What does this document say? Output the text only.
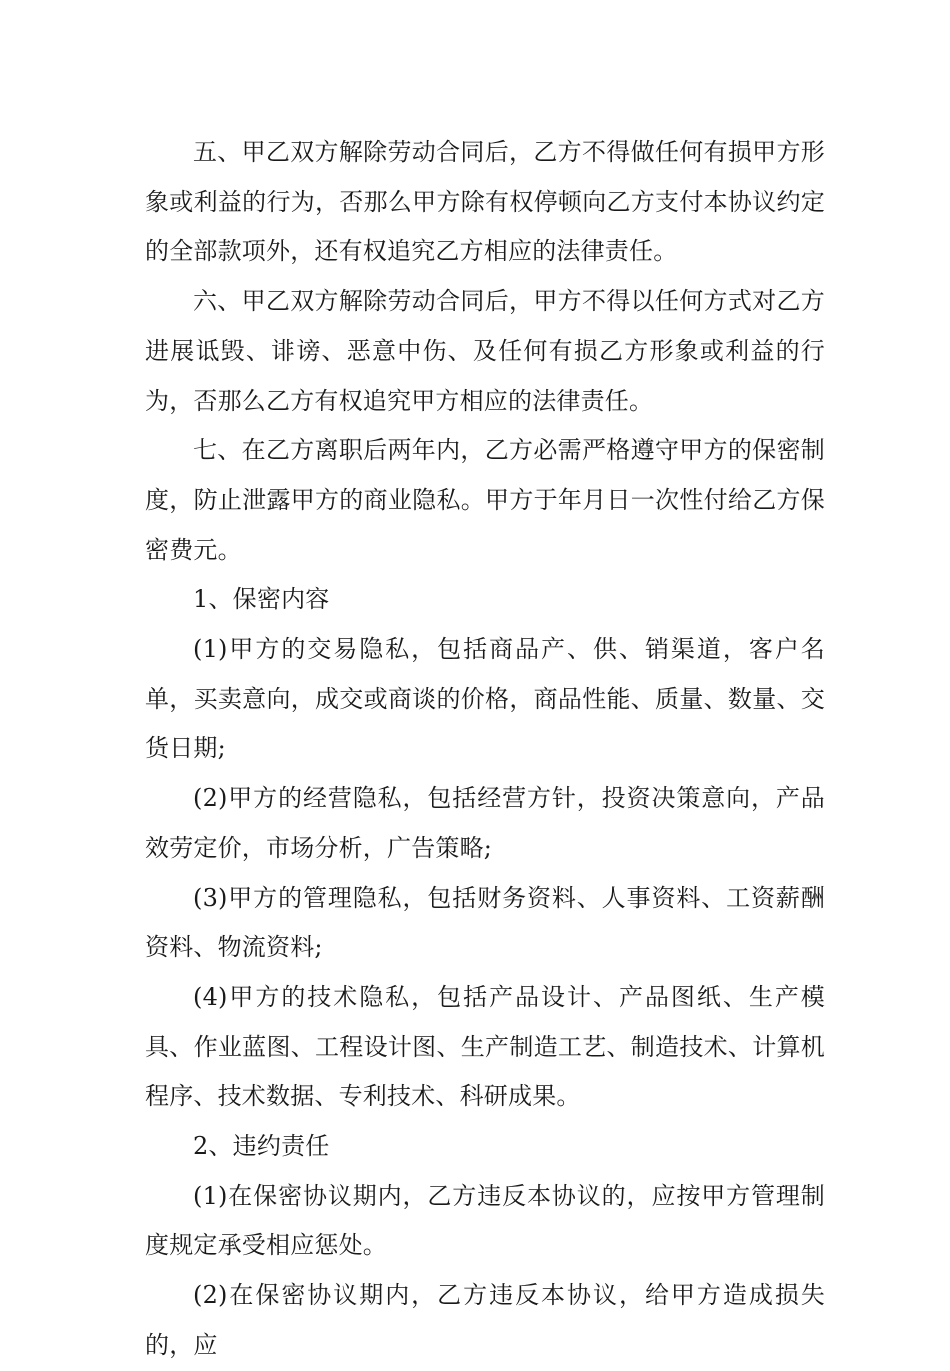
五、甲乙双方解除劳动合同后，乙方不得做任何有损甲方形象或利益的行为，否那么甲方除有权停顿向乙方支付本协议约定的全部款项外，还有权追究乙方相应的法律责任。

六、甲乙双方解除劳动合同后，甲方不得以任何方式对乙方进展诋毁、诽谤、恶意中伤、及任何有损乙方形象或利益的行为，否那么乙方有权追究甲方相应的法律责任。

七、在乙方离职后两年内，乙方必需严格遵守甲方的保密制度，防止泄露甲方的商业隐私。甲方于年月日一次性付给乙方保密费元。

1、保密内容

(1)甲方的交易隐私，包括商品产、供、销渠道，客户名单，买卖意向，成交或商谈的价格，商品性能、质量、数量、交货日期;

(2)甲方的经营隐私，包括经营方针，投资决策意向，产品效劳定价，市场分析，广告策略;

(3)甲方的管理隐私，包括财务资料、人事资料、工资薪酬资料、物流资料;

(4)甲方的技术隐私，包括产品设计、产品图纸、生产模具、作业蓝图、工程设计图、生产制造工艺、制造技术、计算机程序、技术数据、专利技术、科研成果。

2、违约责任

(1)在保密协议期内，乙方违反本协议的，应按甲方管理制度规定承受相应惩处。

(2)在保密协议期内，乙方违反本协议，给甲方造成损失的，应
